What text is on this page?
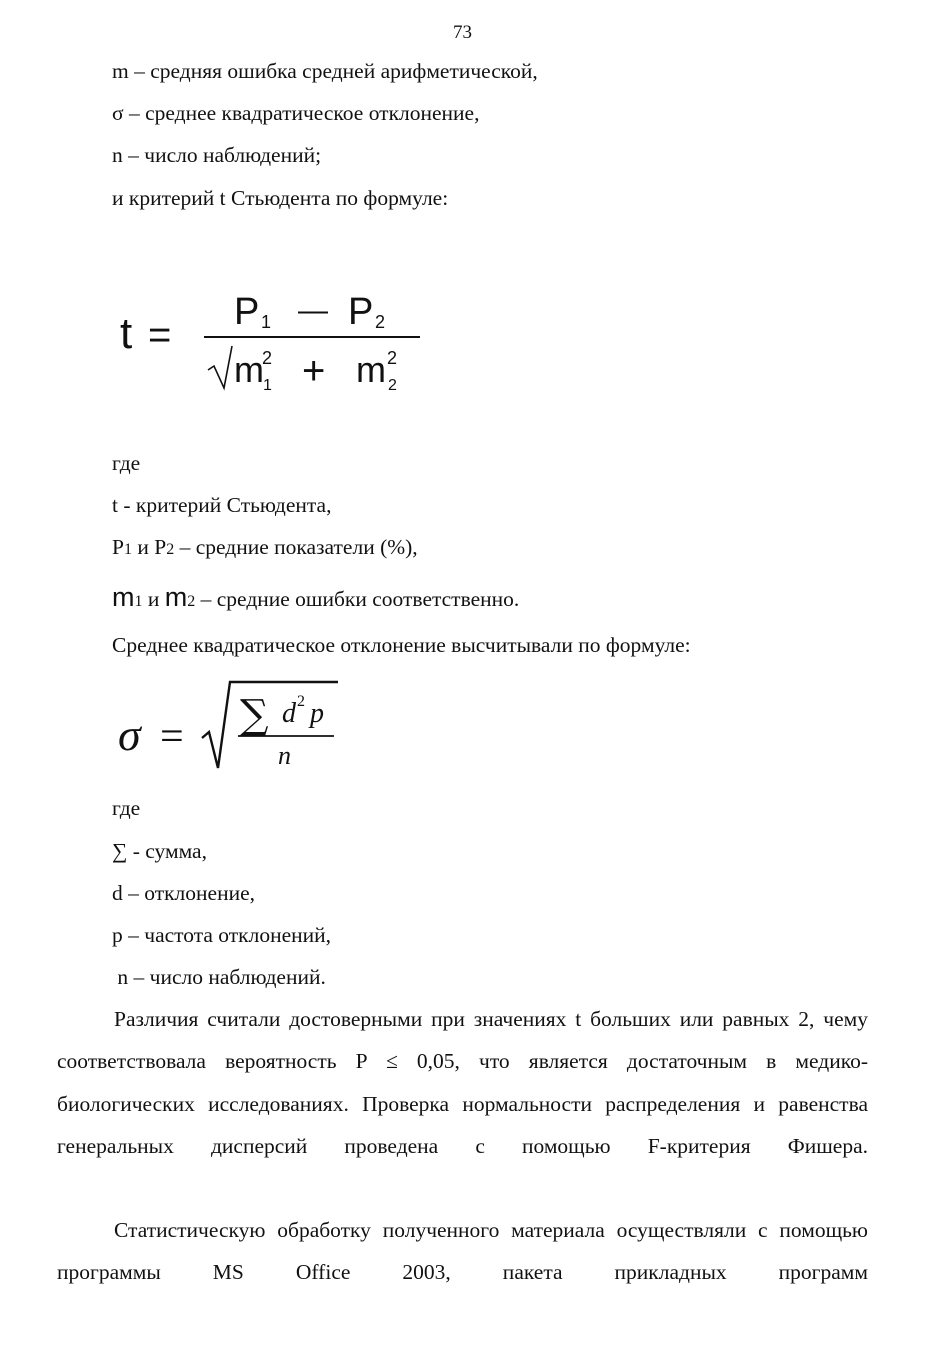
73
m – средняя ошибка средней арифметической,
σ – среднее квадратическое отклонение,
n – число наблюдений;
и критерий t Стьюдента по формуле:
t =
P 1 — P 2
m
2
1 + m 2
2
где
t - критерий Стьюдента,
P1 и P2 – средние показатели (%),
m1 и m2 – средние ошибки соответственно.
Среднее квадратическое отклонение высчитывали по формуле:
σ = ∑ d 2 p
n
где
∑ - сумма,
d – отклонение,
p – частота отклонений,
n – число наблюдений.
Различия считали достоверными при значениях t больших или равных 2, чему соответствовала вероятность P ≤ 0,05, что является достаточным в медико-биологических исследованиях. Проверка нормальности распределения и равенства генеральных дисперсий проведена с помощью F-критерия Фишера.
Статистическую обработку полученного материала осуществляли с помощью программы MS Office 2003, пакета прикладных программ
